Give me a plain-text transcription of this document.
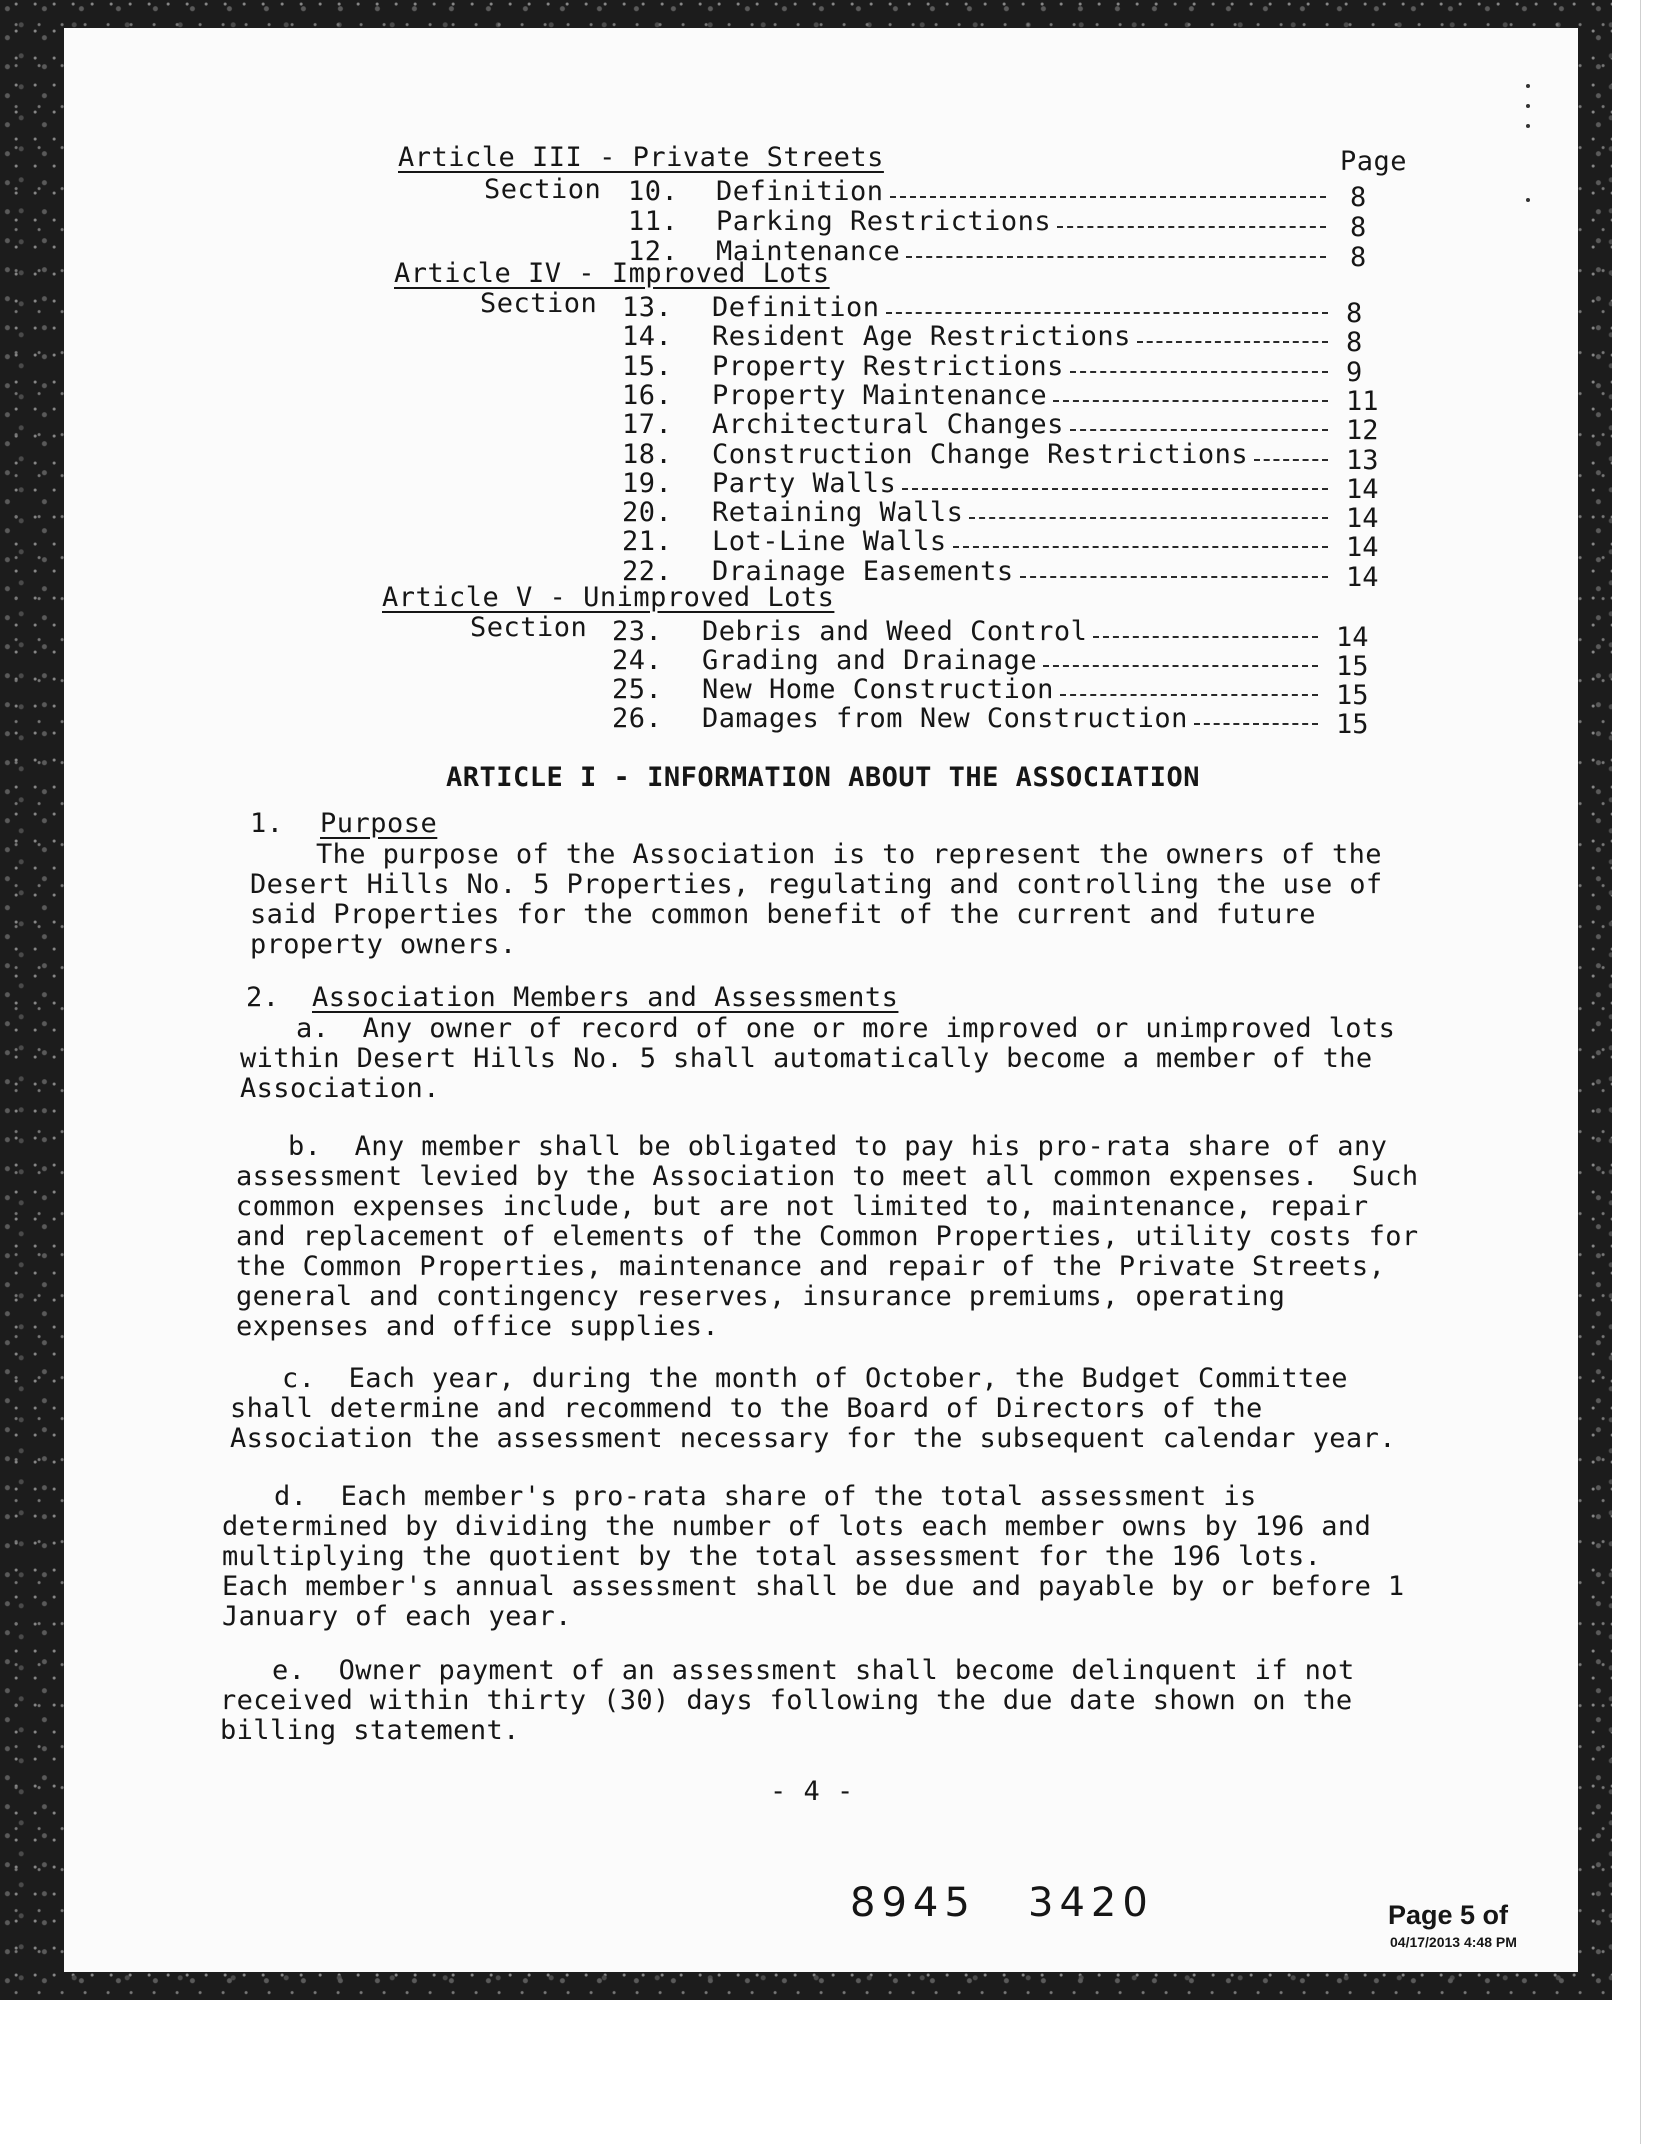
Page
Article III - Private Streets
Section
Article IV - Improved Lots
Section
Article V - Unimproved Lots
Section
10. Definition	8
11. Parking Restrictions	8
12. Maintenance	8
13. Definition	8
14. Resident Age Restrictions	8
15. Property Restrictions	9
16. Property Maintenance	11
17. Architectural Changes	12
18. Construction Change Restrictions	13
19. Party Walls	14
20. Retaining Walls	14
21. Lot-Line Walls	14
22. Drainage Easements	14
23. Debris and Weed Control	14
24. Grading and Drainage	15
25. New Home Construction	15
26. Damages from New Construction	15
ARTICLE I - INFORMATION ABOUT THE ASSOCIATION
1. Purpose
The purpose of the Association is to represent the owners of the
Desert Hills No. 5 Properties, regulating and controlling the use of
said Properties for the common benefit of the current and future
property owners.
2. Association Members and Assessments
a.  Any owner of record of one or more improved or unimproved lots
within Desert Hills No. 5 shall automatically become a member of the
Association.
b.  Any member shall be obligated to pay his pro-rata share of any
assessment levied by the Association to meet all common expenses.  Such
common expenses include, but are not limited to, maintenance, repair
and replacement of elements of the Common Properties, utility costs for
the Common Properties, maintenance and repair of the Private Streets,
general and contingency reserves, insurance premiums, operating
expenses and office supplies.
c.  Each year, during the month of October, the Budget Committee
shall determine and recommend to the Board of Directors of the
Association the assessment necessary for the subsequent calendar year.
d.  Each member's pro-rata share of the total assessment is
determined by dividing the number of lots each member owns by 196 and
multiplying the quotient by the total assessment for the 196 lots.
Each member's annual assessment shall be due and payable by or before 1
January of each year.
e.  Owner payment of an assessment shall become delinquent if not
received within thirty (30) days following the due date shown on the
billing statement.
- 4 -
8945 3420	Page 5 of
04/17/2013 4:48 PM
